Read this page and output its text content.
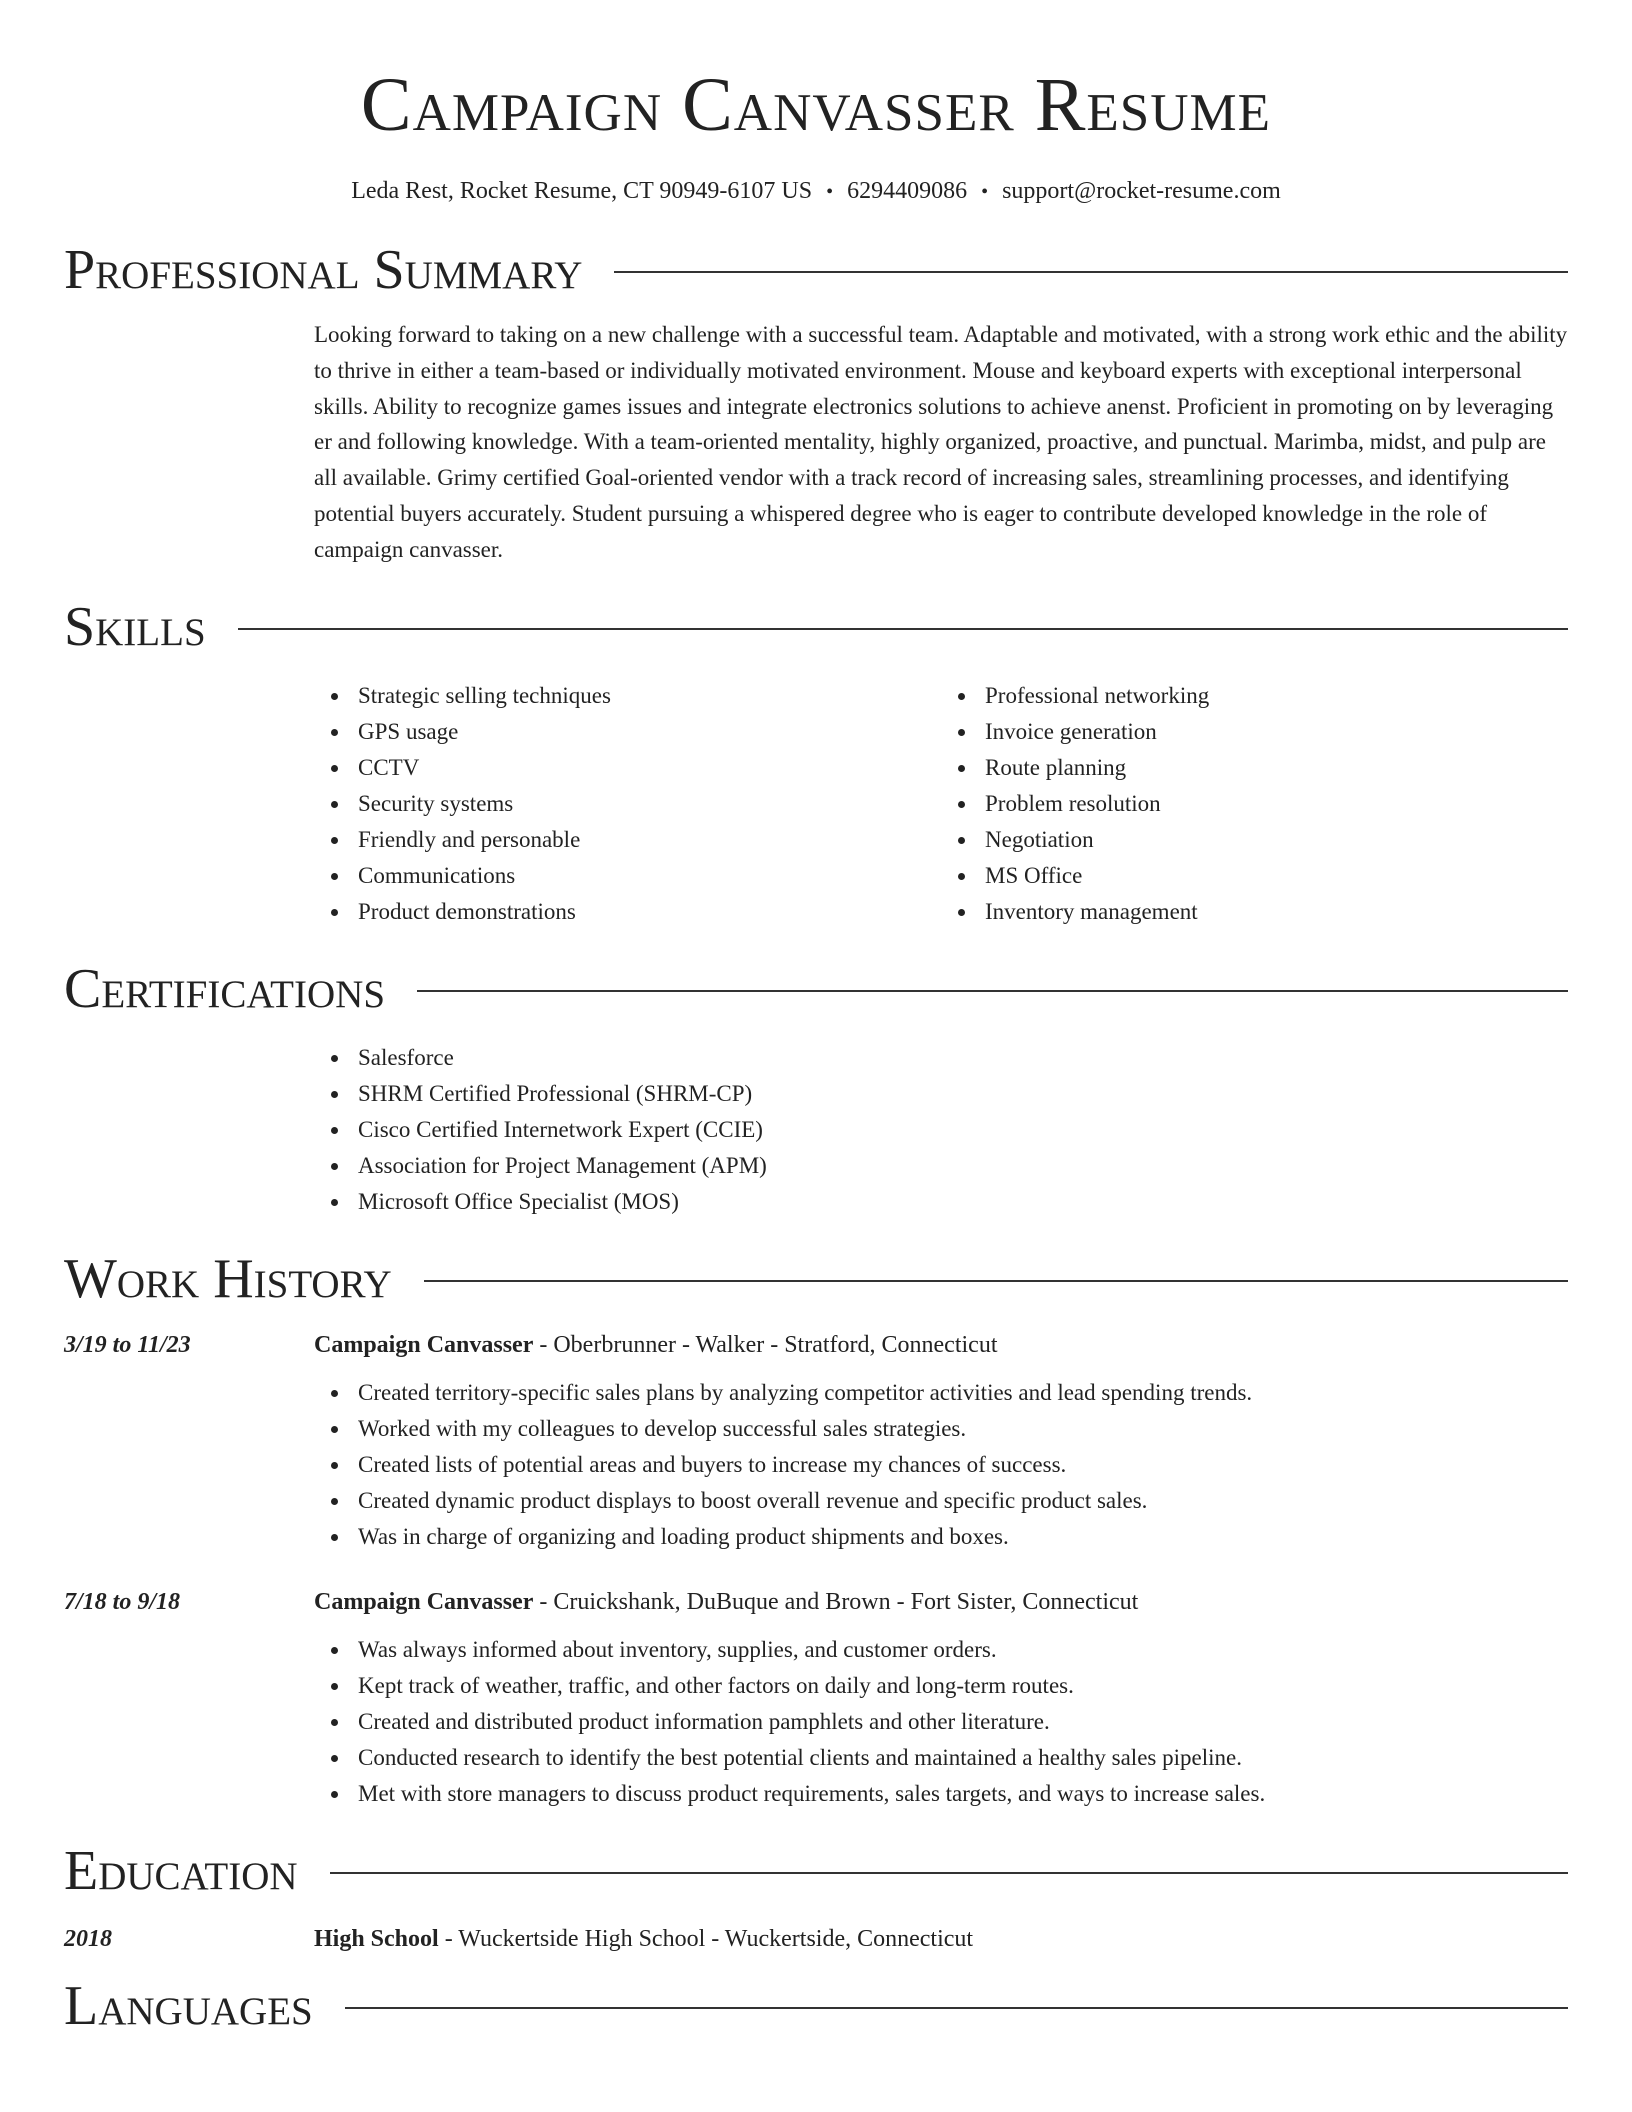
Campaign Canvasser Resume
Leda Rest, Rocket Resume, CT 90949-6107 US • 6294409086 • support@rocket-resume.com
Professional Summary

Looking forward to taking on a new challenge with a successful team. Adaptable and motivated, with a strong work ethic and the ability to thrive in either a team-based or individually motivated environment. Mouse and keyboard experts with exceptional interpersonal skills. Ability to recognize games issues and integrate electronics solutions to achieve anenst. Proficient in promoting on by leveraging er and following knowledge. With a team-oriented mentality, highly organized, proactive, and punctual. Marimba, midst, and pulp are all available. Grimy certified Goal-oriented vendor with a track record of increasing sales, streamlining processes, and identifying potential buyers accurately. Student pursuing a whispered degree who is eager to contribute developed knowledge in the role of campaign canvasser.

Skills
Strategic selling techniques
GPS usage
CCTV
Security systems
Friendly and personable
Communications
Product demonstrations
Professional networking
Invoice generation
Route planning
Problem resolution
Negotiation
MS Office
Inventory management
Certifications
Salesforce
SHRM Certified Professional (SHRM-CP)
Cisco Certified Internetwork Expert (CCIE)
Association for Project Management (APM)
Microsoft Office Specialist (MOS)
Work History
3/19 to 11/23	Campaign Canvasser - Oberbrunner - Walker - Stratford, Connecticut
Created territory-specific sales plans by analyzing competitor activities and lead spending trends.
Worked with my colleagues to develop successful sales strategies.
Created lists of potential areas and buyers to increase my chances of success.
Created dynamic product displays to boost overall revenue and specific product sales.
Was in charge of organizing and loading product shipments and boxes.
7/18 to 9/18	Campaign Canvasser - Cruickshank, DuBuque and Brown - Fort Sister, Connecticut
Was always informed about inventory, supplies, and customer orders.
Kept track of weather, traffic, and other factors on daily and long-term routes.
Created and distributed product information pamphlets and other literature.
Conducted research to identify the best potential clients and maintained a healthy sales pipeline.
Met with store managers to discuss product requirements, sales targets, and ways to increase sales.
Education
2018	High School - Wuckertside High School - Wuckertside, Connecticut
Languages
